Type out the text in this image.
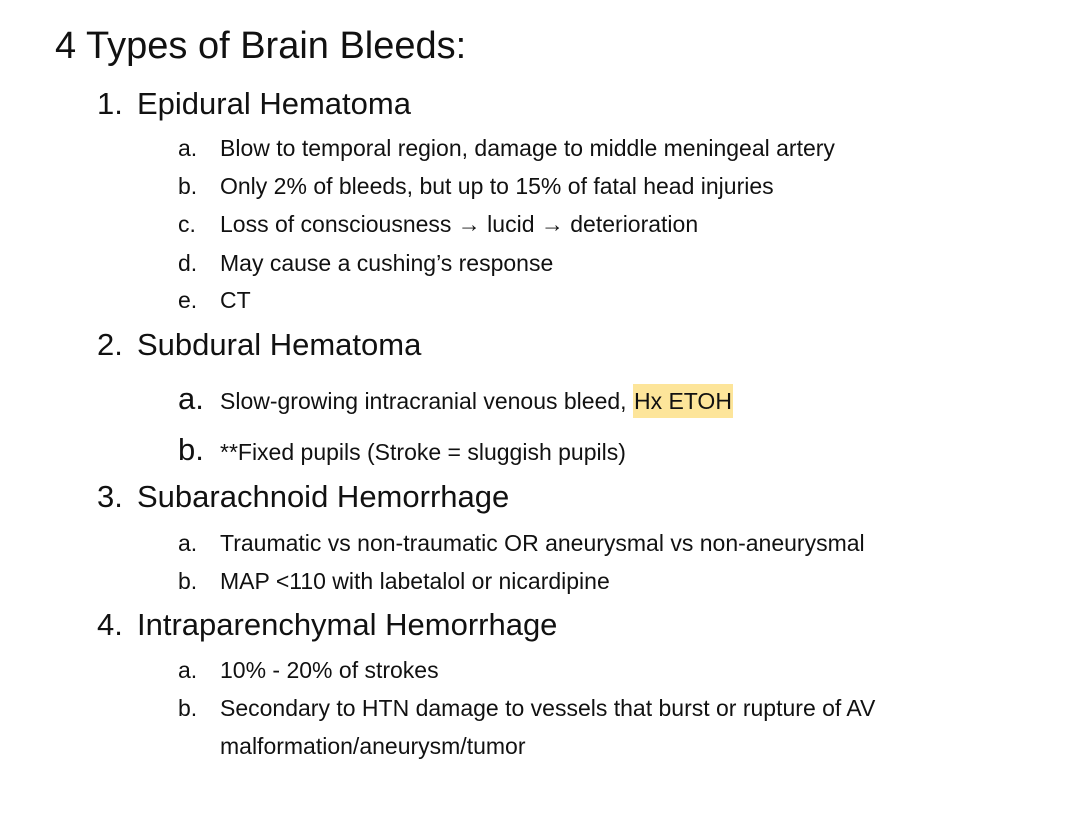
4 Types of Brain Bleeds:
1. Epidural Hematoma
a. Blow to temporal region, damage to middle meningeal artery
b. Only 2% of bleeds, but up to 15% of fatal head injuries
c. Loss of consciousness → lucid → deterioration
d. May cause a cushing’s response
e. CT
2. Subdural Hematoma
a. Slow-growing intracranial venous bleed, Hx ETOH
b. **Fixed pupils (Stroke = sluggish pupils)
3. Subarachnoid Hemorrhage
a. Traumatic vs non-traumatic OR aneurysmal vs non-aneurysmal
b. MAP <110 with labetalol or nicardipine
4. Intraparenchymal Hemorrhage
a. 10% - 20% of strokes
b. Secondary to HTN damage to vessels that burst or rupture of AV
malformation/aneurysm/tumor
